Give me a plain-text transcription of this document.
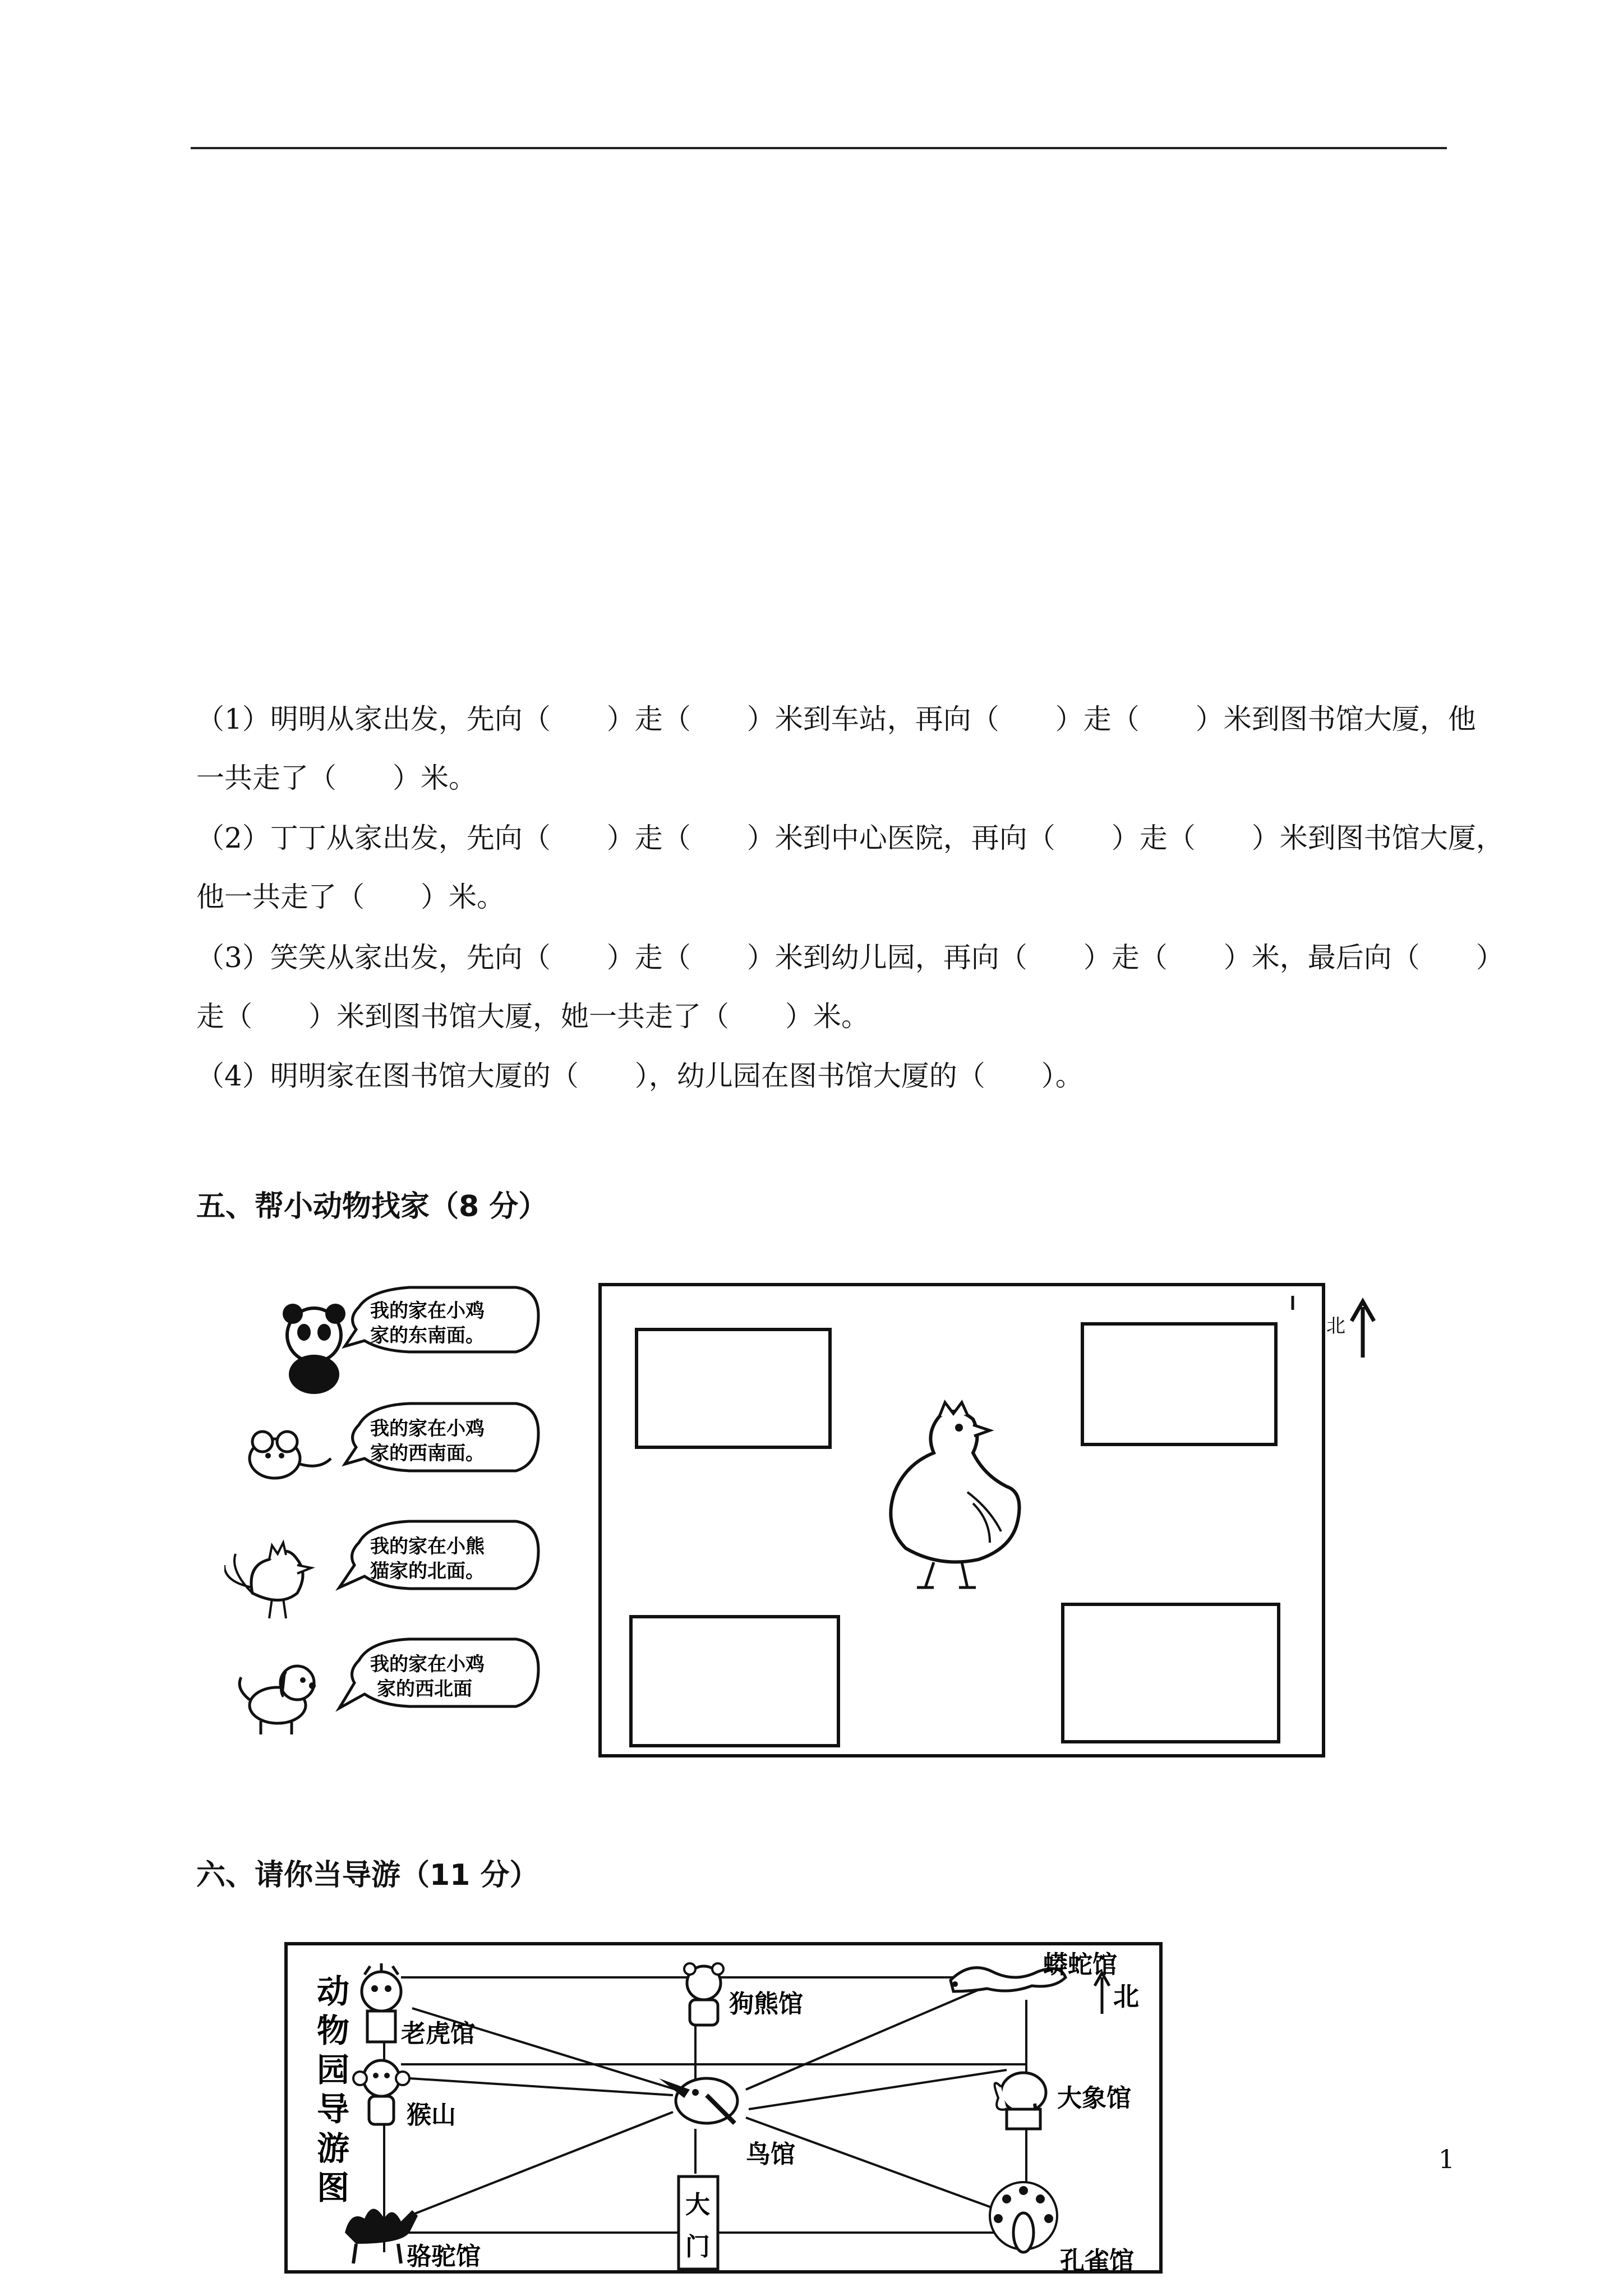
（1）明明从家出发，先向（　　）走（　　）米到车站，再向（　　）走（　　）米到图书馆大厦，他
一共走了（　　）米。
（2）丁丁从家出发，先向（　　）走（　　）米到中心医院，再向（　　）走（　　）米到图书馆大厦，
他一共走了（　　）米。
（3）笑笑从家出发，先向（　　）走（　　）米到幼儿园，再向（　　）走（　　）米，最后向（　　）
走（　　）米到图书馆大厦，她一共走了（　　）米。
（4）明明家在图书馆大厦的（　　），幼儿园在图书馆大厦的（　　）。
五、帮小动物找家（8 分）
我的家在小鸡
家的东南面。
我的家在小鸡
家的西南面。
我的家在小熊
猫家的北面。
我的家在小鸡
家的西北面
北
六、请你当导游（11 分）
动
物
园
导
游
图
老虎馆
狗熊馆
蟒蛇馆
猴山
鸟馆
大象馆
骆驼馆	孔雀馆
大
门
北
1
